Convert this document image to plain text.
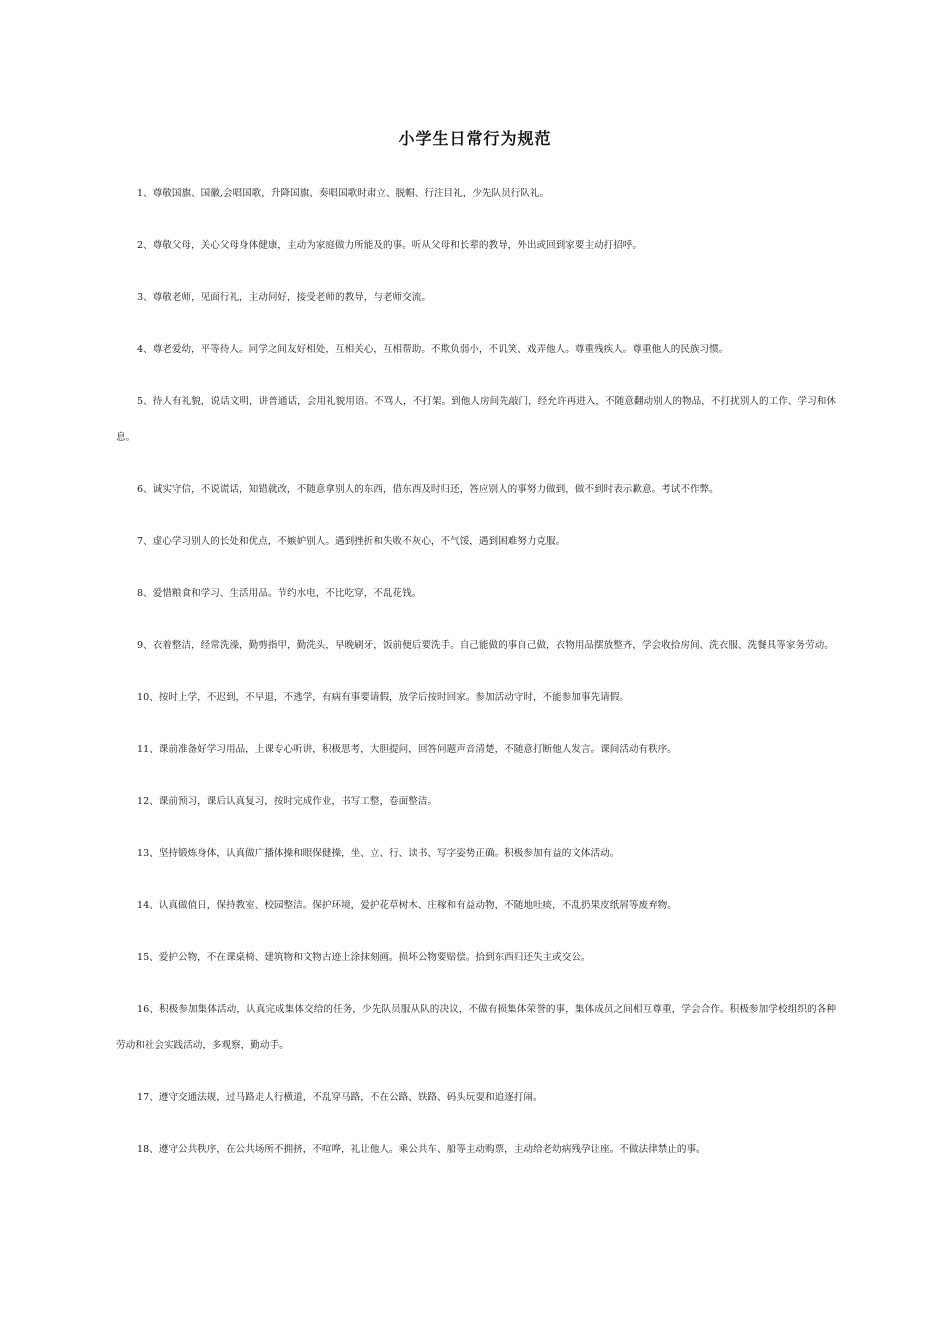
小学生日常行为规范

1、尊敬国旗、国徽,会唱国歌，升降国旗、奏唱国歌时肃立、脱帽、行注目礼，少先队员行队礼。

2、尊敬父母，关心父母身体健康，主动为家庭做力所能及的事。听从父母和长辈的教导，外出或回到家要主动打招呼。

3、尊敬老师，见面行礼，主动问好，接受老师的教导，与老师交流。

4、尊老爱幼，平等待人。同学之间友好相处，互相关心，互相帮助。不欺负弱小，不讥笑、戏弄他人。尊重残疾人。尊重他人的民族习惯。

5、待人有礼貌，说话文明，讲普通话，会用礼貌用语。不骂人，不打架。到他人房间先敲门，经允许再进入，不随意翻动别人的物品，不打扰别人的工作、学习和休息。

6、诚实守信，不说谎话，知错就改，不随意拿别人的东西，借东西及时归还，答应别人的事努力做到，做不到时表示歉意。考试不作弊。

7、虚心学习别人的长处和优点，不嫉妒别人。遇到挫折和失败不灰心，不气馁，遇到困难努力克服。

8、爱惜粮食和学习、生活用品。节约水电，不比吃穿，不乱花钱。

9、衣着整洁，经常洗澡，勤剪指甲，勤洗头，早晚刷牙，饭前便后要洗手。自己能做的事自己做，衣物用品摆放整齐，学会收拾房间、洗衣服、洗餐具等家务劳动。

10、按时上学，不迟到，不早退，不逃学，有病有事要请假，放学后按时回家。参加活动守时，不能参加事先请假。

11、课前准备好学习用品，上课专心听讲，积极思考，大胆提问，回答问题声音清楚，不随意打断他人发言。课间活动有秩序。

12、课前预习，课后认真复习，按时完成作业，书写工整，卷面整洁。

13、坚持锻炼身体，认真做广播体操和眼保健操，坐、立、行、读书、写字姿势正确。积极参加有益的文体活动。

14、认真做值日，保持教室、校园整洁。保护环境，爱护花草树木、庄稼和有益动物，不随地吐痰，不乱扔果皮纸屑等废弃物。

15、爱护公物，不在课桌椅、建筑物和文物古迹上涂抹刻画。损坏公物要赔偿。拾到东西归还失主或交公。

16、积极参加集体活动，认真完成集体交给的任务，少先队员服从队的决议，不做有损集体荣誉的事，集体成员之间相互尊重，学会合作。积极参加学校组织的各种劳动和社会实践活动，多观察，勤动手。

17、遵守交通法规，过马路走人行横道，不乱穿马路，不在公路、铁路、码头玩耍和追逐打闹。

18、遵守公共秩序，在公共场所不拥挤，不喧哗，礼让他人。乘公共车、船等主动购票，主动给老幼病残孕让座。不做法律禁止的事。
